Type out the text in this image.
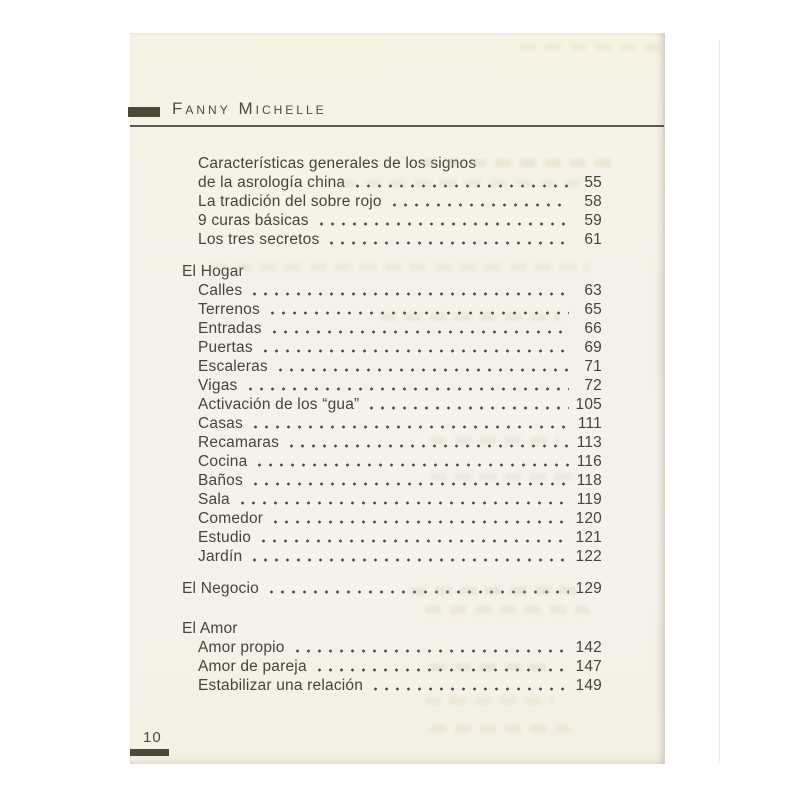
Fanny Michelle
Características generales de los signos
de la asrología china	55
La tradición del sobre rojo	58
9 curas básicas	59
Los tres secretos	61
El Hogar
Calles	63
Terrenos	65
Entradas	66
Puertas	69
Escaleras	71
Vigas	72
Activación de los “gua”	105
Casas	111
Recamaras	113
Cocina	116
Baños	118
Sala	119
Comedor	120
Estudio	121
Jardín	122
El Negocio	129
El Amor
Amor propio	142
Amor de pareja	147
Estabilizar una relación	149
10
